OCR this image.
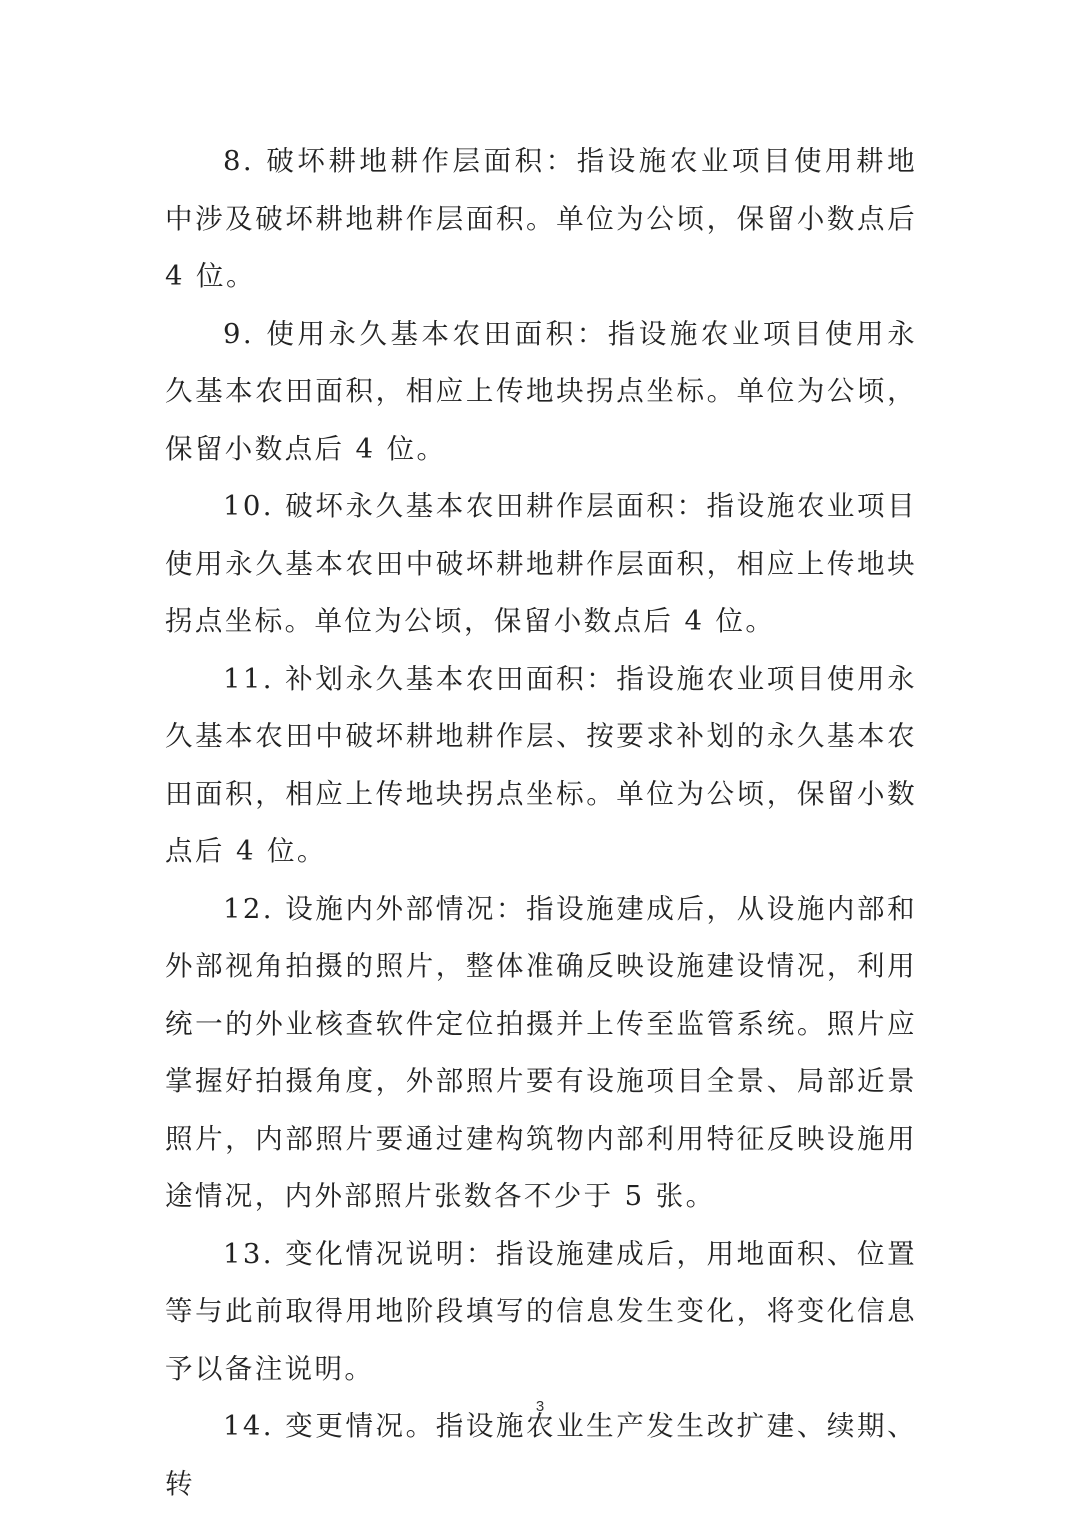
8. 破坏耕地耕作层面积：指设施农业项目使用耕地中涉及破坏耕地耕作层面积。单位为公顷，保留小数点后 4 位。

9. 使用永久基本农田面积：指设施农业项目使用永久基本农田面积，相应上传地块拐点坐标。单位为公顷，保留小数点后 4 位。

10. 破坏永久基本农田耕作层面积：指设施农业项目使用永久基本农田中破坏耕地耕作层面积，相应上传地块拐点坐标。单位为公顷，保留小数点后 4 位。

11. 补划永久基本农田面积：指设施农业项目使用永久基本农田中破坏耕地耕作层、按要求补划的永久基本农田面积，相应上传地块拐点坐标。单位为公顷，保留小数点后 4 位。

12. 设施内外部情况：指设施建成后，从设施内部和外部视角拍摄的照片，整体准确反映设施建设情况，利用统一的外业核查软件定位拍摄并上传至监管系统。照片应掌握好拍摄角度，外部照片要有设施项目全景、局部近景照片，内部照片要通过建构筑物内部利用特征反映设施用途情况，内外部照片张数各不少于 5 张。

13. 变化情况说明：指设施建成后，用地面积、位置等与此前取得用地阶段填写的信息发生变化，将变化信息予以备注说明。

14. 变更情况。指设施农业生产发生改扩建、续期、转

3
